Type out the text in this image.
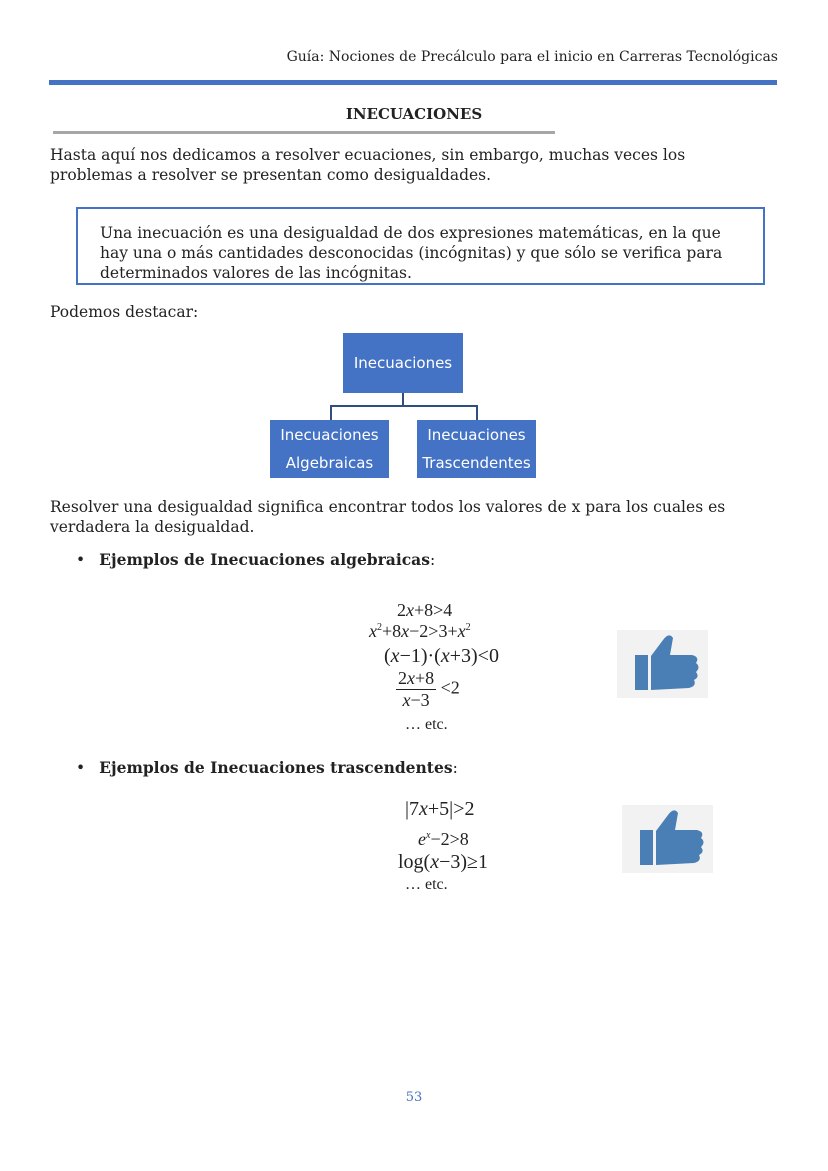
Guía: Nociones de Precálculo para el inicio en Carreras Tecnológicas
INECUACIONES
Hasta aquí nos dedicamos a resolver ecuaciones, sin embargo, muchas veces los problemas a resolver se presentan como desigualdades.
Una inecuación es una desigualdad de dos expresiones matemáticas, en la que hay una o más cantidades desconocidas (incógnitas) y que sólo se verifica para determinados valores de las incógnitas.
Podemos destacar:
Inecuaciones
Inecuaciones
Algebraicas
Inecuaciones
Trascendentes
Resolver una desigualdad significa encontrar todos los valores de x para los cuales es verdadera la desigualdad.
• Ejemplos de Inecuaciones algebraicas:
2x+8>4
$x^2+8x-2>3+x^2$
(x−1)·(x+3)<0
$\frac{2x+8}{x-3} <2$
… etc.
• Ejemplos de Inecuaciones trascendentes:
|7x+5|>2
$e^x-2>8$
log(x−3)≥1
… etc.
53
